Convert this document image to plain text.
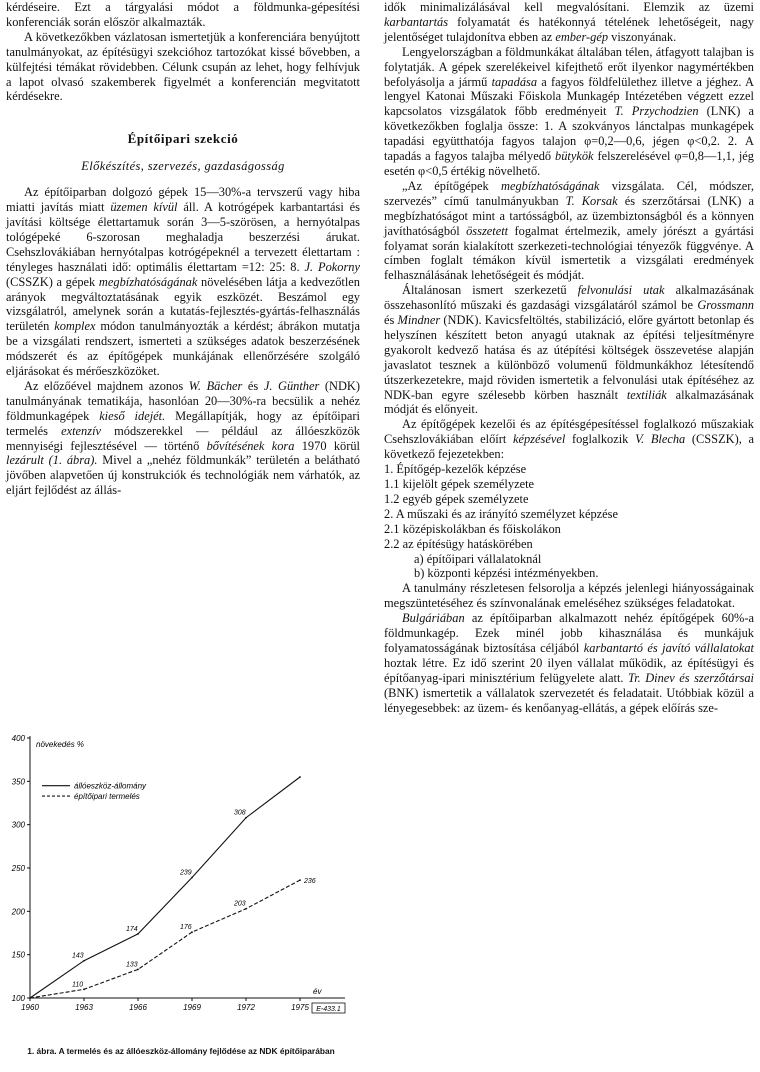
kérdéseire. Ezt a tárgyalási módot a földmunka-gépesítési konferenciák során először alkalmazták.

A következőkben vázlatosan ismertetjük a konferenciára benyújtott tanulmányokat, az építésügyi szekcióhoz tartozókat kissé bővebben, a külfejtési témákat rövidebben. Célunk csupán az lehet, hogy felhívjuk a lapot olvasó szakemberek figyelmét a konferencián megvitatott kérdésekre.

Építőipari szekció
Előkészítés, szervezés, gazdaságosság

Az építőiparban dolgozó gépek 15—30%-a tervszerű vagy hiba miatti javítás miatt üzemen kívül áll. A kotrógépek karbantartási és javítási költsége élettartamuk során 3—5-szörösen, a hernyótalpas tológépeké 6-szorosan meghaladja beszerzési árukat. Csehszlovákiában hernyótalpas kotrógépeknél a tervezett élettartam : tényleges használati idő: optimális élettartam =12: 25: 8. J. Pokorny (CSSZK) a gépek megbízhatóságának növelésében látja a kedvezőtlen arányok megváltoztatásának egyik eszközét. Beszámol egy vizsgálatról, amelynek során a kutatás-fejlesztés-gyártás-felhasználás területén komplex módon tanulmányozták a kérdést; ábrákon mutatja be a vizsgálati rendszert, ismerteti a szükséges adatok beszerzésének módszerét és az építőgépek munkájának ellenőrzésére szolgáló eljárásokat és mérőeszközöket.

Az előzőével majdnem azonos W. Bächer és J. Günther (NDK) tanulmányának tematikája, hasonlóan 20—30%-ra becsülik a nehéz földmunkagépek kieső idejét. Megállapítják, hogy az építőipari termelés extenzív módszerekkel — például az állóeszközök mennyiségi fejlesztésével — történő bővítésének kora 1970 körül lezárult (1. ábra). Mivel a „nehéz földmunkák” területén a belátható jövőben alapvetően új konstrukciók és technológiák nem várhatók, az eljárt fejlődést az állás-

idők minimalizálásával kell megvalósítani. Elemzik az üzemi karbantartás folyamatát és hatékonnyá tételének lehetőségeit, nagy jelentőséget tulajdonítva ebben az ember-gép viszonyának.

Lengyelországban a földmunkákat általában télen, átfagyott talajban is folytatják. A gépek szerelékeivel kifejthető erőt ilyenkor nagymértékben befolyásolja a jármű tapadása a fagyos földfelülethez illetve a jéghez. A lengyel Katonai Műszaki Főiskola Munkagép Intézetében végzett ezzel kapcsolatos vizsgálatok főbb eredményeit T. Przychodzien (LNK) a következőkben foglalja össze: 1. A szokványos lánctalpas munkagépek tapadási együtthatója fagyos talajon φ=0,2—0,6, jégen φ<0,2. 2. A tapadás a fagyos talajba mélyedő bütykök felszerelésével φ=0,8—1,1, jég esetén φ<0,5 értékig növelhető.

„Az építőgépek megbízhatóságának vizsgálata. Cél, módszer, szervezés” című tanulmányukban T. Korsak és szerzőtársai (LNK) a megbízhatóságot mint a tartósságból, az üzembiztonságból és a könnyen javíthatóságból összetett fogalmat értelmezik, amely jórészt a gyártási folyamat során kialakított szerkezeti-technológiai tényezők függvénye. A címben foglalt témákon kívül ismertetik a vizsgálati eredmények felhasználásának lehetőségeit és módját.

Általánosan ismert szerkezetű felvonulási utak alkalmazásának összehasonlító műszaki és gazdasági vizsgálatáról számol be Grossmann és Mindner (NDK). Kavicsfeltöltés, stabilizáció, előre gyártott betonlap és helyszínen készített beton anyagú utaknak az építési teljesítményre gyakorolt kedvező hatása és az útépítési költségek összevetése alapján javaslatot tesznek a különböző volumenű földmunkákhoz létesítendő útszerkezetekre, majd röviden ismertetik a felvonulási utak építéséhez az NDK-ban egyre szélesebb körben használt textiliák alkalmazásának módját és előnyeit.

Az építőgépek kezelői és az építésgépesítéssel foglalkozó műszakiak Csehszlovákiában előírt képzésével foglalkozik V. Blecha (CSSZK), a következő fejezetekben:

1. Építőgép-kezelők képzése
1.1 kijelölt gépek személyzete
1.2 egyéb gépek személyzete
2. A műszaki és az irányító személyzet képzése
2.1 középiskolákban és főiskolákon
2.2 az építésügy hatáskörében
a) építőipari vállalatoknál
b) központi képzési intézményekben.

A tanulmány részletesen felsorolja a képzés jelenlegi hiányosságainak megszüntetéséhez és színvonalának emeléséhez szükséges feladatokat.

Bulgáriában az építőiparban alkalmazott nehéz építőgépek 60%-a földmunkagép. Ezek minél jobb kihasználása és munkájuk folyamatosságának biztosítása céljából karbantartó és javító vállalatokat hoztak létre. Ez idő szerint 20 ilyen vállalat működik, az építésügyi és építőanyag-ipari minisztérium felügyelete alatt. Tr. Dinev és szerzőtársai (BNK) ismertetik a vállalatok szervezetét és feladatait. Utóbbiak közül a lényegesebbek: az üzem- és kenőanyag-ellátás, a gépek előírás sze-

100
150
200
250
300
350
400
1960	1963	1966	1969	1972	1975
év
növekedés %
E-433.1
állóeszköz-állomány
építőipari termelés
143
174
239
308
110
133
176
203
236
1. ábra. A termelés és az állóeszköz-állomány fejlődése az NDK építőiparában
